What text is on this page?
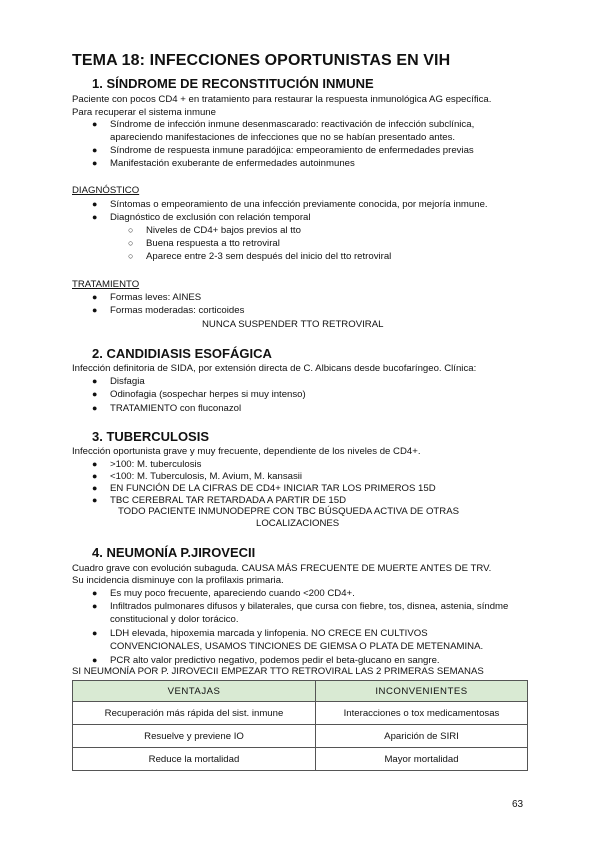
TEMA 18: INFECCIONES OPORTUNISTAS EN VIH
1. SÍNDROME DE RECONSTITUCIÓN INMUNE
Paciente con pocos CD4 + en tratamiento para restaurar la respuesta inmunológica AG específica.
Para recuperar el sistema inmune
● Síndrome de infección inmune desenmascarado: reactivación de infección subclínica,
apareciendo manifestaciones de infecciones que no se habían presentado antes.
● Síndrome de respuesta inmune paradójica: empeoramiento de enfermedades previas
● Manifestación exuberante de enfermedades autoinmunes
DIAGNÓSTICO
● Síntomas o empeoramiento de una infección previamente conocida, por mejoría inmune.
● Diagnóstico de exclusión con relación temporal
○ Niveles de CD4+ bajos previos al tto
○ Buena respuesta a tto retroviral
○ Aparece entre 2-3 sem después del inicio del tto retroviral
TRATAMIENTO
● Formas leves: AINES
● Formas moderadas: corticoides
NUNCA SUSPENDER TTO RETROVIRAL
2. CANDIDIASIS ESOFÁGICA
Infección definitoria de SIDA, por extensión directa de C. Albicans desde bucofaríngeo. Clínica:
● Disfagia
● Odinofagia (sospechar herpes si muy intenso)
● TRATAMIENTO con fluconazol
3. TUBERCULOSIS
Infección oportunista grave y muy frecuente, dependiente de los niveles de CD4+.
● >100: M. tuberculosis
● <100: M. Tuberculosis, M. Avium, M. kansasii
● EN FUNCIÓN DE LA CIFRAS DE CD4+ INICIAR TAR LOS PRIMEROS 15D
● TBC CEREBRAL TAR RETARDADA A PARTIR DE 15D
TODO PACIENTE INMUNODEPRE CON TBC BÚSQUEDA ACTIVA DE OTRAS
LOCALIZACIONES
4. NEUMONÍA P.JIROVECII
Cuadro grave con evolución subaguda. CAUSA MÁS FRECUENTE DE MUERTE ANTES DE TRV.
Su incidencia disminuye con la profilaxis primaria.
● Es muy poco frecuente, apareciendo cuando <200 CD4+.
● Infiltrados pulmonares difusos y bilaterales, que cursa con fiebre, tos, disnea, astenia, síndme
constitucional y dolor torácico.
● LDH elevada, hipoxemia marcada y linfopenia. NO CRECE EN CULTIVOS
CONVENCIONALES, USAMOS TINCIONES DE GIEMSA O PLATA DE METENAMINA.
● PCR alto valor predictivo negativo, podemos pedir el beta-glucano en sangre.
SI NEUMONÍA POR P. JIROVECII EMPEZAR TTO RETROVIRAL LAS 2 PRIMERAS SEMANAS
VENTAJAS	INCONVENIENTES
Recuperación más rápida del sist. inmune	Interacciones o tox medicamentosas
Resuelve y previene IO	Aparición de SIRI
Reduce la mortalidad	Mayor mortalidad
63
